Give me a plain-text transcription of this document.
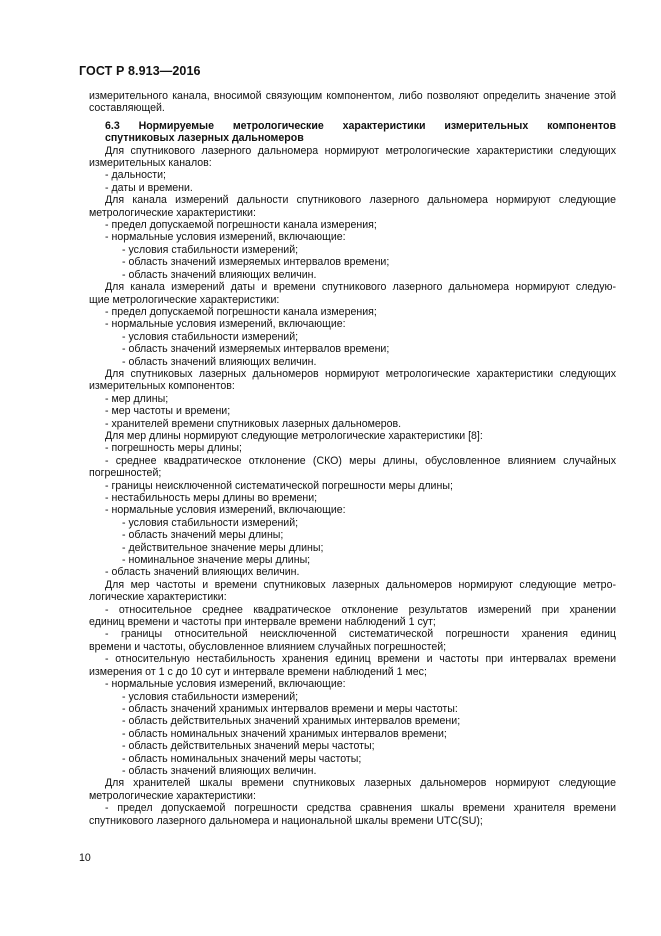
ГОСТ Р 8.913—2016
измерительного канала, вносимой связующим компонентом, либо позволяют определить значение этой
составляющей.
6.3 Нормируемые метрологические характеристики измерительных компонентов
спутниковых лазерных дальномеров
Для спутникового лазерного дальномера нормируют метрологические характеристики следующих
измерительных каналов:
- дальности;
- даты и времени.
Для канала измерений дальности спутникового лазерного дальномера нормируют следующие
метрологические характеристики:
- предел допускаемой погрешности канала измерения;
- нормальные условия измерений, включающие:
- условия стабильности измерений;
- область значений измеряемых интервалов времени;
- область значений влияющих величин.
Для канала измерений даты и времени спутникового лазерного дальномера нормируют следую-
щие метрологические характеристики:
- предел допускаемой погрешности канала измерения;
- нормальные условия измерений, включающие:
- условия стабильности измерений;
- область значений измеряемых интервалов времени;
- область значений влияющих величин.
Для спутниковых лазерных дальномеров нормируют метрологические характеристики следующих
измерительных компонентов:
- мер длины;
- мер частоты и времени;
- хранителей времени спутниковых лазерных дальномеров.
Для мер длины нормируют следующие метрологические характеристики [8]:
- погрешность меры длины;
- среднее квадратическое отклонение (СКО) меры длины, обусловленное влиянием случайных
погрешностей;
- границы неисключенной систематической погрешности меры длины;
- нестабильность меры длины во времени;
- нормальные условия измерений, включающие:
- условия стабильности измерений;
- область значений меры длины;
- действительное значение меры длины;
- номинальное значение меры длины;
- область значений влияющих величин.
Для мер частоты и времени спутниковых лазерных дальномеров нормируют следующие метро-
логические характеристики:
- относительное среднее квадратическое отклонение результатов измерений при хранении
единиц времени и частоты при интервале времени наблюдений 1 сут;
- границы относительной неисключенной систематической погрешности хранения единиц
времени и частоты, обусловленное влиянием случайных погрешностей;
- относительную нестабильность хранения единиц времени и частоты при интервалах времени
измерения от 1 с до 10 сут и интервале времени наблюдений 1 мес;
- нормальные условия измерений, включающие:
- условия стабильности измерений;
- область значений хранимых интервалов времени и меры частоты:
- область действительных значений хранимых интервалов времени;
- область номинальных значений хранимых интервалов времени;
- область действительных значений меры частоты;
- область номинальных значений меры частоты;
- область значений влияющих величин.
Для хранителей шкалы времени спутниковых лазерных дальномеров нормируют следующие
метрологические характеристики:
- предел допускаемой погрешности средства сравнения шкалы времени хранителя времени
спутникового лазерного дальномера и национальной шкалы времени UTC(SU);
10
